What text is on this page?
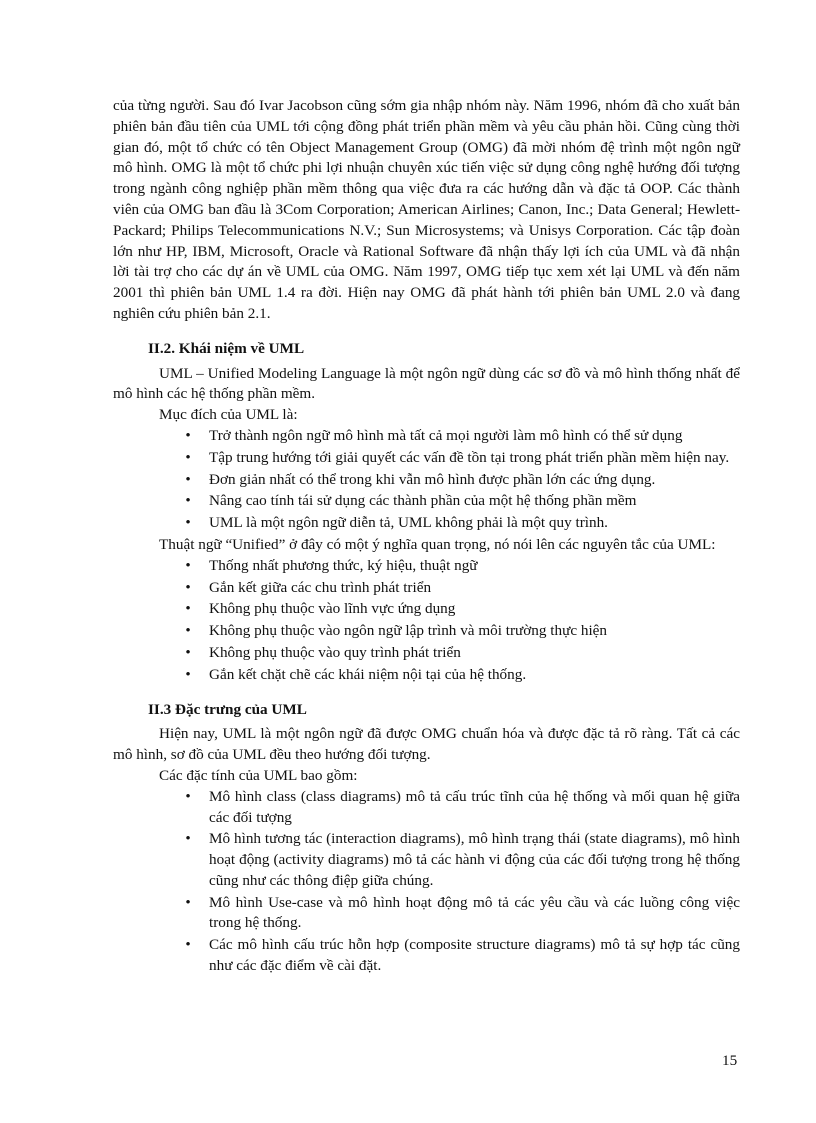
của từng người. Sau đó Ivar Jacobson cũng sớm gia nhập nhóm này. Năm 1996, nhóm đã cho xuất bản phiên bản đầu tiên của UML tới cộng đồng phát triển phần mềm và yêu cầu phản hồi. Cũng cùng thời gian đó, một tổ chức có tên Object Management Group (OMG) đã mời nhóm đệ trình một ngôn ngữ mô hình. OMG là một tổ chức phi lợi nhuận chuyên xúc tiến việc sử dụng công nghệ hướng đối tượng trong ngành công nghiệp phần mềm thông qua việc đưa ra các hướng dẫn và đặc tả OOP. Các thành viên của OMG ban đầu là 3Com Corporation; American Airlines; Canon, Inc.; Data General; Hewlett-Packard; Philips Telecommunications N.V.; Sun Microsystems; và Unisys Corporation. Các tập đoàn lớn như HP, IBM, Microsoft, Oracle và Rational Software đã nhận thấy lợi ích của UML và đã nhận lời tài trợ cho các dự án về UML của OMG. Năm 1997, OMG tiếp tục xem xét lại UML và đến năm 2001 thì phiên bản UML 1.4 ra đời. Hiện nay OMG đã phát hành tới phiên bản UML 2.0 và đang nghiên cứu phiên bản 2.1.

II.2. Khái niệm về UML

UML – Unified Modeling Language là một ngôn ngữ dùng các sơ đồ và mô hình thống nhất để mô hình các hệ thống phần mềm.

Mục đích của UML là:

• Trở thành ngôn ngữ mô hình mà tất cả mọi người làm mô hình có thể sử dụng
• Tập trung hướng tới giải quyết các vấn đề tồn tại trong phát triển phần mềm hiện nay.
• Đơn giản nhất có thể trong khi vẫn mô hình được phần lớn các ứng dụng.
• Nâng cao tính tái sử dụng các thành phần của một hệ thống phần mềm
• UML là một ngôn ngữ diễn tả, UML không phải là một quy trình.

Thuật ngữ “Unified” ở đây có một ý nghĩa quan trọng, nó nói lên các nguyên tắc của UML:

• Thống nhất phương thức, ký hiệu, thuật ngữ
• Gắn kết giữa các chu trình phát triển
• Không phụ thuộc vào lĩnh vực ứng dụng
• Không phụ thuộc vào ngôn ngữ lập trình và môi trường thực hiện
• Không phụ thuộc vào quy trình phát triển
• Gắn kết chặt chẽ các khái niệm nội tại của hệ thống.
II.3 Đặc trưng của UML

Hiện nay, UML là một ngôn ngữ đã được OMG chuẩn hóa và được đặc tả rõ ràng. Tất cả các mô hình, sơ đồ của UML đều theo hướng đối tượng.

Các đặc tính của UML bao gồm:

• Mô hình class (class diagrams) mô tả cấu trúc tĩnh của hệ thống và mối quan hệ giữa các đối tượng
• Mô hình tương tác (interaction diagrams), mô hình trạng thái (state diagrams), mô hình hoạt động (activity diagrams) mô tả các hành vi động của các đối tượng trong hệ thống cũng như các thông điệp giữa chúng.
• Mô hình Use-case và mô hình hoạt động mô tả các yêu cầu và các luồng công việc trong hệ thống.
• Các mô hình cấu trúc hỗn hợp (composite structure diagrams) mô tả sự hợp tác cũng như các đặc điểm về cài đặt.
15
